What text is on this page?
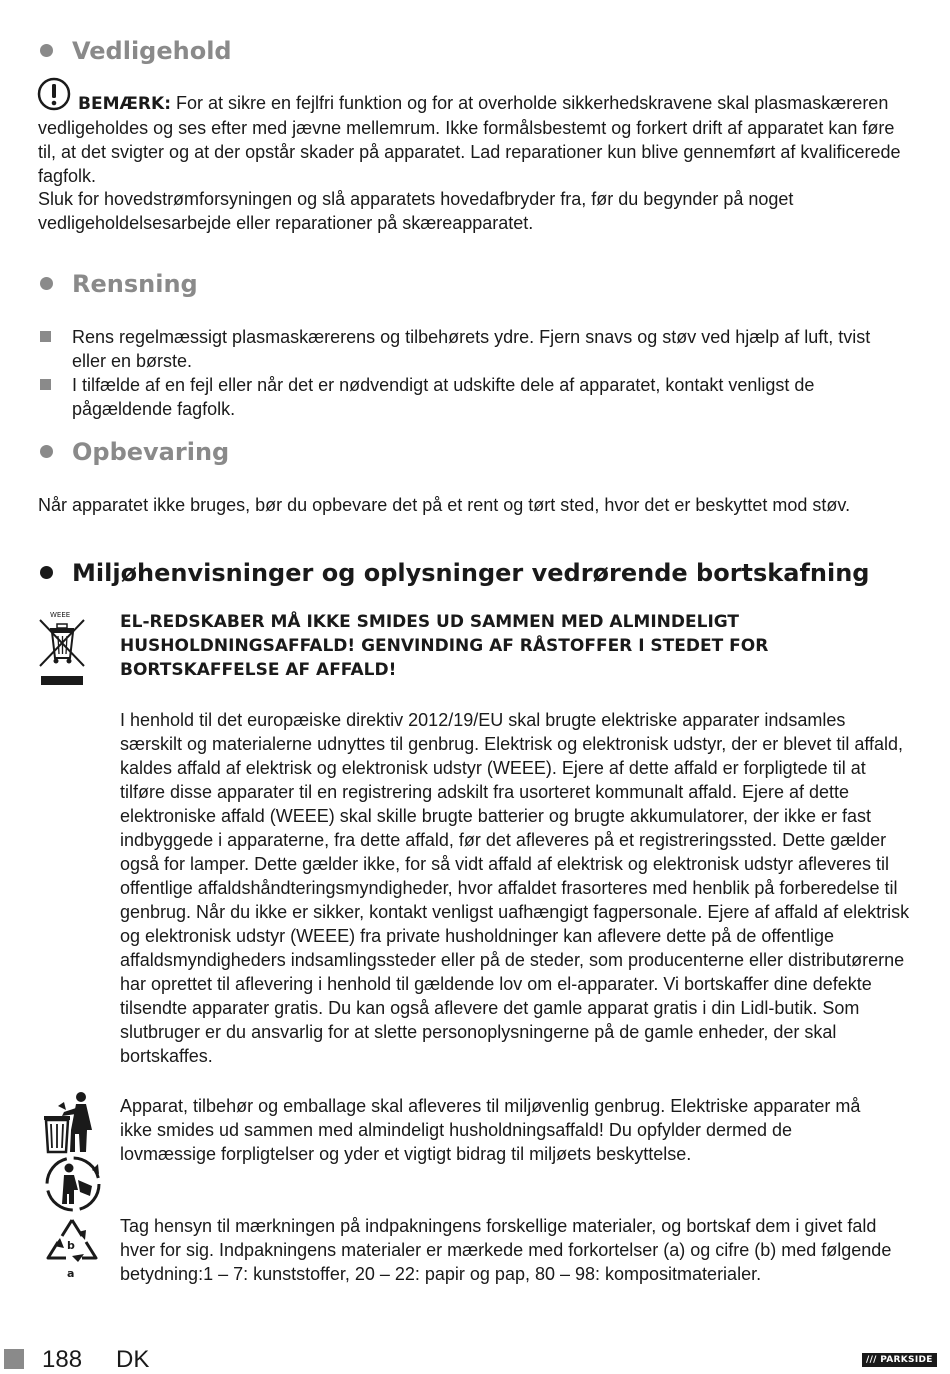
Vedligehold
BEMÆRK: For at sikre en fejlfri funktion og for at overholde sikkerhedskravene skal plasmaskæreren vedligeholdes og ses efter med jævne mellemrum. Ikke formålsbestemt og forkert drift af apparatet kan føre til, at det svigter og at der opstår skader på apparatet. Lad reparationer kun blive gennemført af kvalificerede fagfolk.
Sluk for hovedstrømforsyningen og slå apparatets hovedafbryder fra, før du begynder på noget vedligeholdelsesarbejde eller reparationer på skæreapparatet.
Rensning
Rens regelmæssigt plasmaskærerens og tilbehørets ydre. Fjern snavs og støv ved hjælp af luft, tvist eller en børste.
I tilfælde af en fejl eller når det er nødvendigt at udskifte dele af apparatet, kontakt venligst de pågældende fagfolk.
Opbevaring
Når apparatet ikke bruges, bør du opbevare det på et rent og tørt sted, hvor det er beskyttet mod støv.
Miljøhenvisninger og oplysninger vedrørende bortskafning
WEEE	EL-REDSKABER MÅ IKKE SMIDES UD SAMMEN MED ALMINDELIGT HUSHOLDNINGSAFFALD! GENVINDING AF RÅSTOFFER I STEDET FOR BORTSKAFFELSE AF AFFALD!
I henhold til det europæiske direktiv 2012/19/EU skal brugte elektriske apparater indsamles særskilt og materialerne udnyttes til genbrug. Elektrisk og elektronisk udstyr, der er blevet til affald, kaldes affald af elektrisk og elektronisk udstyr (WEEE). Ejere af dette affald er forpligtede til at tilføre disse apparater til en registrering adskilt fra usorteret kommunalt affald. Ejere af dette elektroniske affald (WEEE) skal skille brugte batterier og brugte akkumulatorer, der ikke er fast indbyggede i apparaterne, fra dette affald, før det afleveres på et registreringssted. Dette gælder også for lamper. Dette gælder ikke, for så vidt affald af elektrisk og elektronisk udstyr afleveres til offentlige affaldshåndteringsmyndigheder, hvor affaldet frasorteres med henblik på forberedelse til genbrug. Når du ikke er sikker, kontakt venligst uafhængigt fagpersonale. Ejere af affald af elektrisk og elektronisk udstyr (WEEE) fra private husholdninger kan aflevere dette på de offentlige affaldsmyndigheders indsamlingssteder eller på de steder, som producenterne eller distributørerne har oprettet til aflevering i henhold til gældende lov om el-apparater. Vi bortskaffer dine defekte tilsendte apparater gratis. Du kan også aflevere det gamle apparat gratis i din Lidl-butik. Som slutbruger er du ansvarlig for at slette personoplysningerne på de gamle enheder, der skal bortskaffes.
Apparat, tilbehør og emballage skal afleveres til miljøvenlig genbrug. Elektriske apparater må ikke smides ud sammen med almindeligt husholdningsaffald! Du opfylder dermed de lovmæssige forpligtelser og yder et vigtigt bidrag til miljøets beskyttelse.
b
a
Tag hensyn til mærkningen på indpakningens forskellige materialer, og bortskaf dem i givet fald hver for sig. Indpakningens materialer er mærkede med forkortelser (a) og cifre (b) med følgende betydning:1 – 7: kunststoffer, 20 – 22: papir og pap, 80 – 98: kompositmaterialer.
188 DK	/// PARKSIDE
